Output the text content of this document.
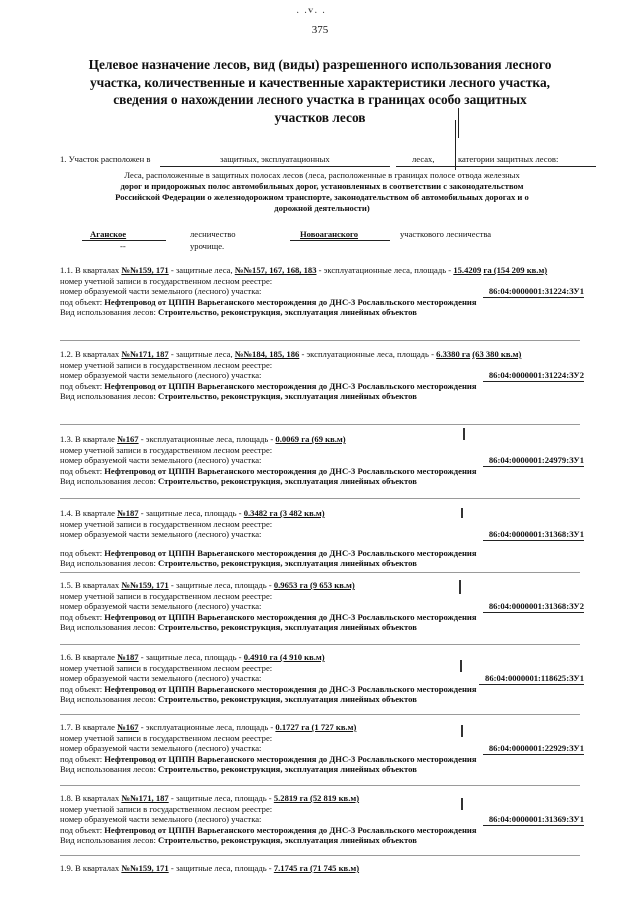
· ·ⱽ· ·
375
Целевое назначение лесов, вид (виды) разрешенного использования лесного
участка, количественные и качественные характеристики лесного участка,
сведения о нахождении лесного участка в границах особо защитных
участков лесов
1. Участок расположен в	защитных, эксплуатационных	лесах,	категории защитных лесов:
Леса, расположенные в защитных полосах лесов (леса, расположенные в границах полосе отвода железных
дорог и придорожных полос автомобильных дорог, установленных в соответствии с законодательством
Российской Федерации о железнодорожном транспорте, законодательством об автомобильных дорогах и о
дорожной деятельности)
Аганское	лесничество	Новоаганского	участкового лесничества
--	урочище.
1.1. В кварталах №№159, 171 - защитные леса, №№157, 167, 168, 183 - эксплуатационные леса, площадь - 15.4209 га (154 209 кв.м)
номер учетной записи в государственном лесном реестре:
номер образуемой части земельного (лесного) участка:	86:04:0000001:31224:ЗУ1
под объект: Нефтепровод от ЦППН Варьеганского месторождения до ДНС-3 Рославльского месторождения
Вид использования лесов: Строительство, реконструкция, эксплуатация линейных объектов
1.2. В кварталах №№171, 187 - защитные леса, №№184, 185, 186 - эксплуатационные леса, площадь - 6.3380 га (63 380 кв.м)
номер учетной записи в государственном лесном реестре:
номер образуемой части земельного (лесного) участка:	86:04:0000001:31224:ЗУ2
под объект: Нефтепровод от ЦППН Варьеганского месторождения до ДНС-3 Рославльского месторождения
Вид использования лесов: Строительство, реконструкция, эксплуатация линейных объектов
1.3. В квартале №167 - эксплуатационные леса, площадь - 0.0069 га (69 кв.м)
номер учетной записи в государственном лесном реестре:
номер образуемой части земельного (лесного) участка:	86:04:0000001:24979:ЗУ1
под объект: Нефтепровод от ЦППН Варьеганского месторождения до ДНС-3 Рославльского месторождения
Вид использования лесов: Строительство, реконструкция, эксплуатация линейных объектов
1.4. В квартале №187 - защитные леса, площадь - 0.3482 га (3 482 кв.м)
номер учетной записи в государственном лесном реестре:
номер образуемой части земельного (лесного) участка:	86:04:0000001:31368:ЗУ1
под объект: Нефтепровод от ЦППН Варьеганского месторождения до ДНС-3 Рославльского месторождения
Вид использования лесов: Строительство, реконструкция, эксплуатация линейных объектов
1.5. В кварталах №№159, 171 - защитные леса, площадь - 0.9653 га (9 653 кв.м)
номер учетной записи в государственном лесном реестре:
номер образуемой части земельного (лесного) участка:	86:04:0000001:31368:ЗУ2
под объект: Нефтепровод от ЦППН Варьеганского месторождения до ДНС-3 Рославльского месторождения
Вид использования лесов: Строительство, реконструкция, эксплуатация линейных объектов
1.6. В квартале №187 - защитные леса, площадь - 0.4910 га (4 910 кв.м)
номер учетной записи в государственном лесном реестре:
номер образуемой части земельного (лесного) участка:	86:04:0000001:118625:ЗУ1
под объект: Нефтепровод от ЦППН Варьеганского месторождения до ДНС-3 Рославльского месторождения
Вид использования лесов: Строительство, реконструкция, эксплуатация линейных объектов
1.7. В квартале №167 - эксплуатационные леса, площадь - 0.1727 га (1 727 кв.м)
номер учетной записи в государственном лесном реестре:
номер образуемой части земельного (лесного) участка:	86:04:0000001:22929:ЗУ1
под объект: Нефтепровод от ЦППН Варьеганского месторождения до ДНС-3 Рославльского месторождения
Вид использования лесов: Строительство, реконструкция, эксплуатация линейных объектов
1.8. В кварталах №№171, 187 - защитные леса, площадь - 5.2819 га (52 819 кв.м)
номер учетной записи в государственном лесном реестре:
номер образуемой части земельного (лесного) участка:	86:04:0000001:31369:ЗУ1
под объект: Нефтепровод от ЦППН Варьеганского месторождения до ДНС-3 Рославльского месторождения
Вид использования лесов: Строительство, реконструкция, эксплуатация линейных объектов
1.9. В кварталах №№159, 171 - защитные леса, площадь - 7.1745 га (71 745 кв.м)
